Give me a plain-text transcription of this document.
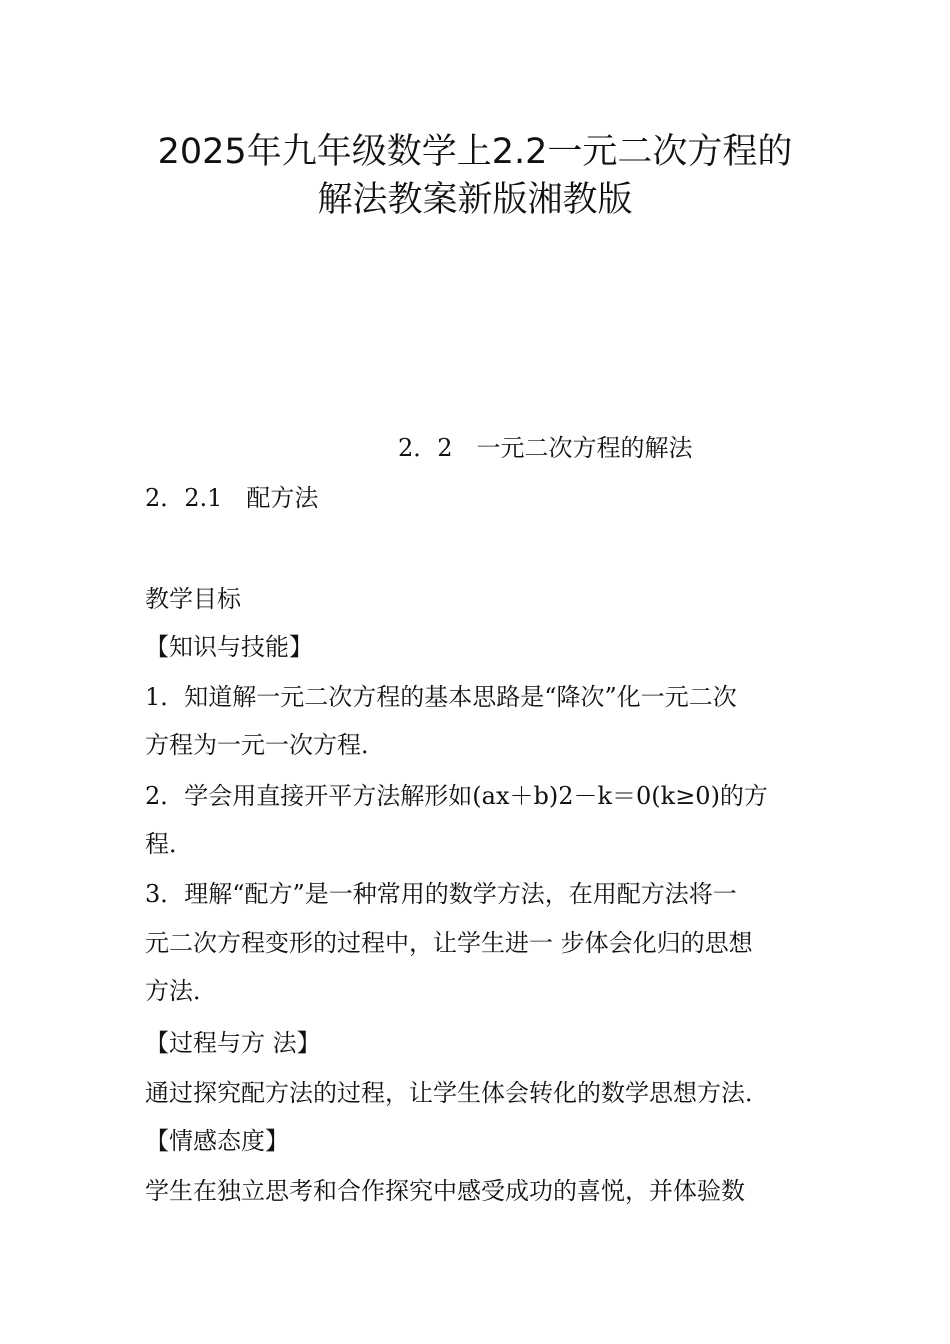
2025年九年级数学上2.2一元二次方程的
解法教案新版湘教版
2．2　一元二次方程的解法
2．2.1　配方法
教学目标
【知识与技能】
1．知道解一元二次方程的基本思路是“降次”化一元二次
方程为一元一次方程．
2．学会用直接开平方法解形如(ax＋b)2－k＝0(k≥0)的方
程．
3．理解“配方”是一种常用的数学方法，在用配方法将一
元二次方程变形的过程中，让学生进一 步体会化归的思想
方法．
【过程与方 法】
通过探究配方法的过程，让学生体会转化的数学思想方法．
【情感态度】
学生在独立思考和合作探究中感受成功的喜悦，并体验数
